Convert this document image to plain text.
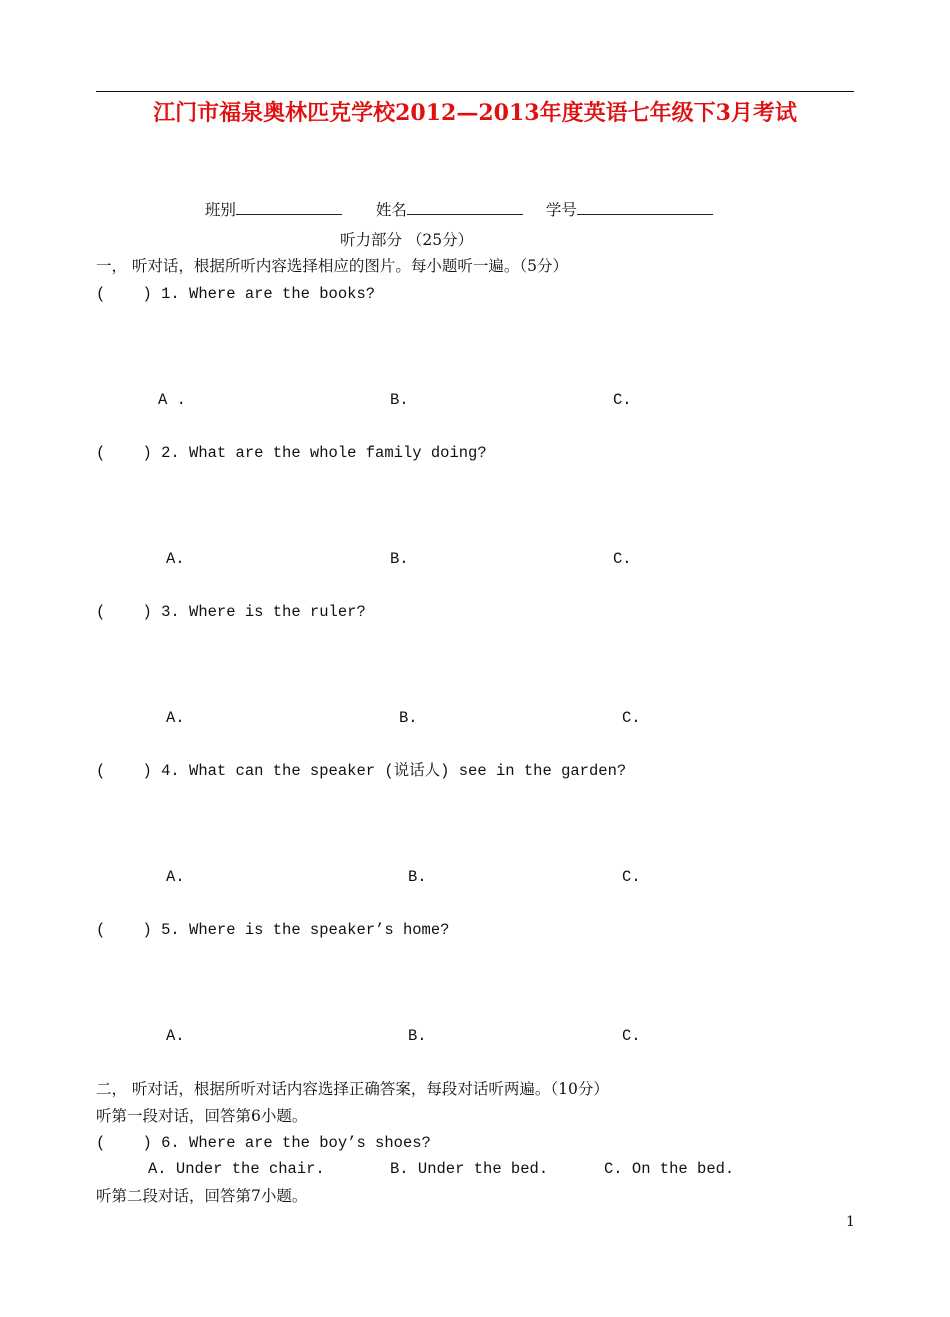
江门市福泉奥林匹克学校2012—2013年度英语七年级下3月考试

班别	姓名	学号

听力部分 （25分）
一， 听对话，根据所听内容选择相应的图片。每小题听一遍。（5分）
(    ) 1. Where are the books?
A .	B.	C.
(    ) 2. What are the whole family doing?
A.	B.	C.
(    ) 3. Where is the ruler?
A.	B.	C.
(    ) 4. What can the speaker (说话人) see in the garden?
A.	B.	C.
(    ) 5. Where is the speaker’s home?
A.	B.	C.
二， 听对话，根据所听对话内容选择正确答案，每段对话听两遍。（10分）
听第一段对话，回答第6小题。
(    ) 6. Where are the boy’s shoes?
A. Under the chair.	B. Under the bed.	C. On the bed.
听第二段对话，回答第7小题。
1
